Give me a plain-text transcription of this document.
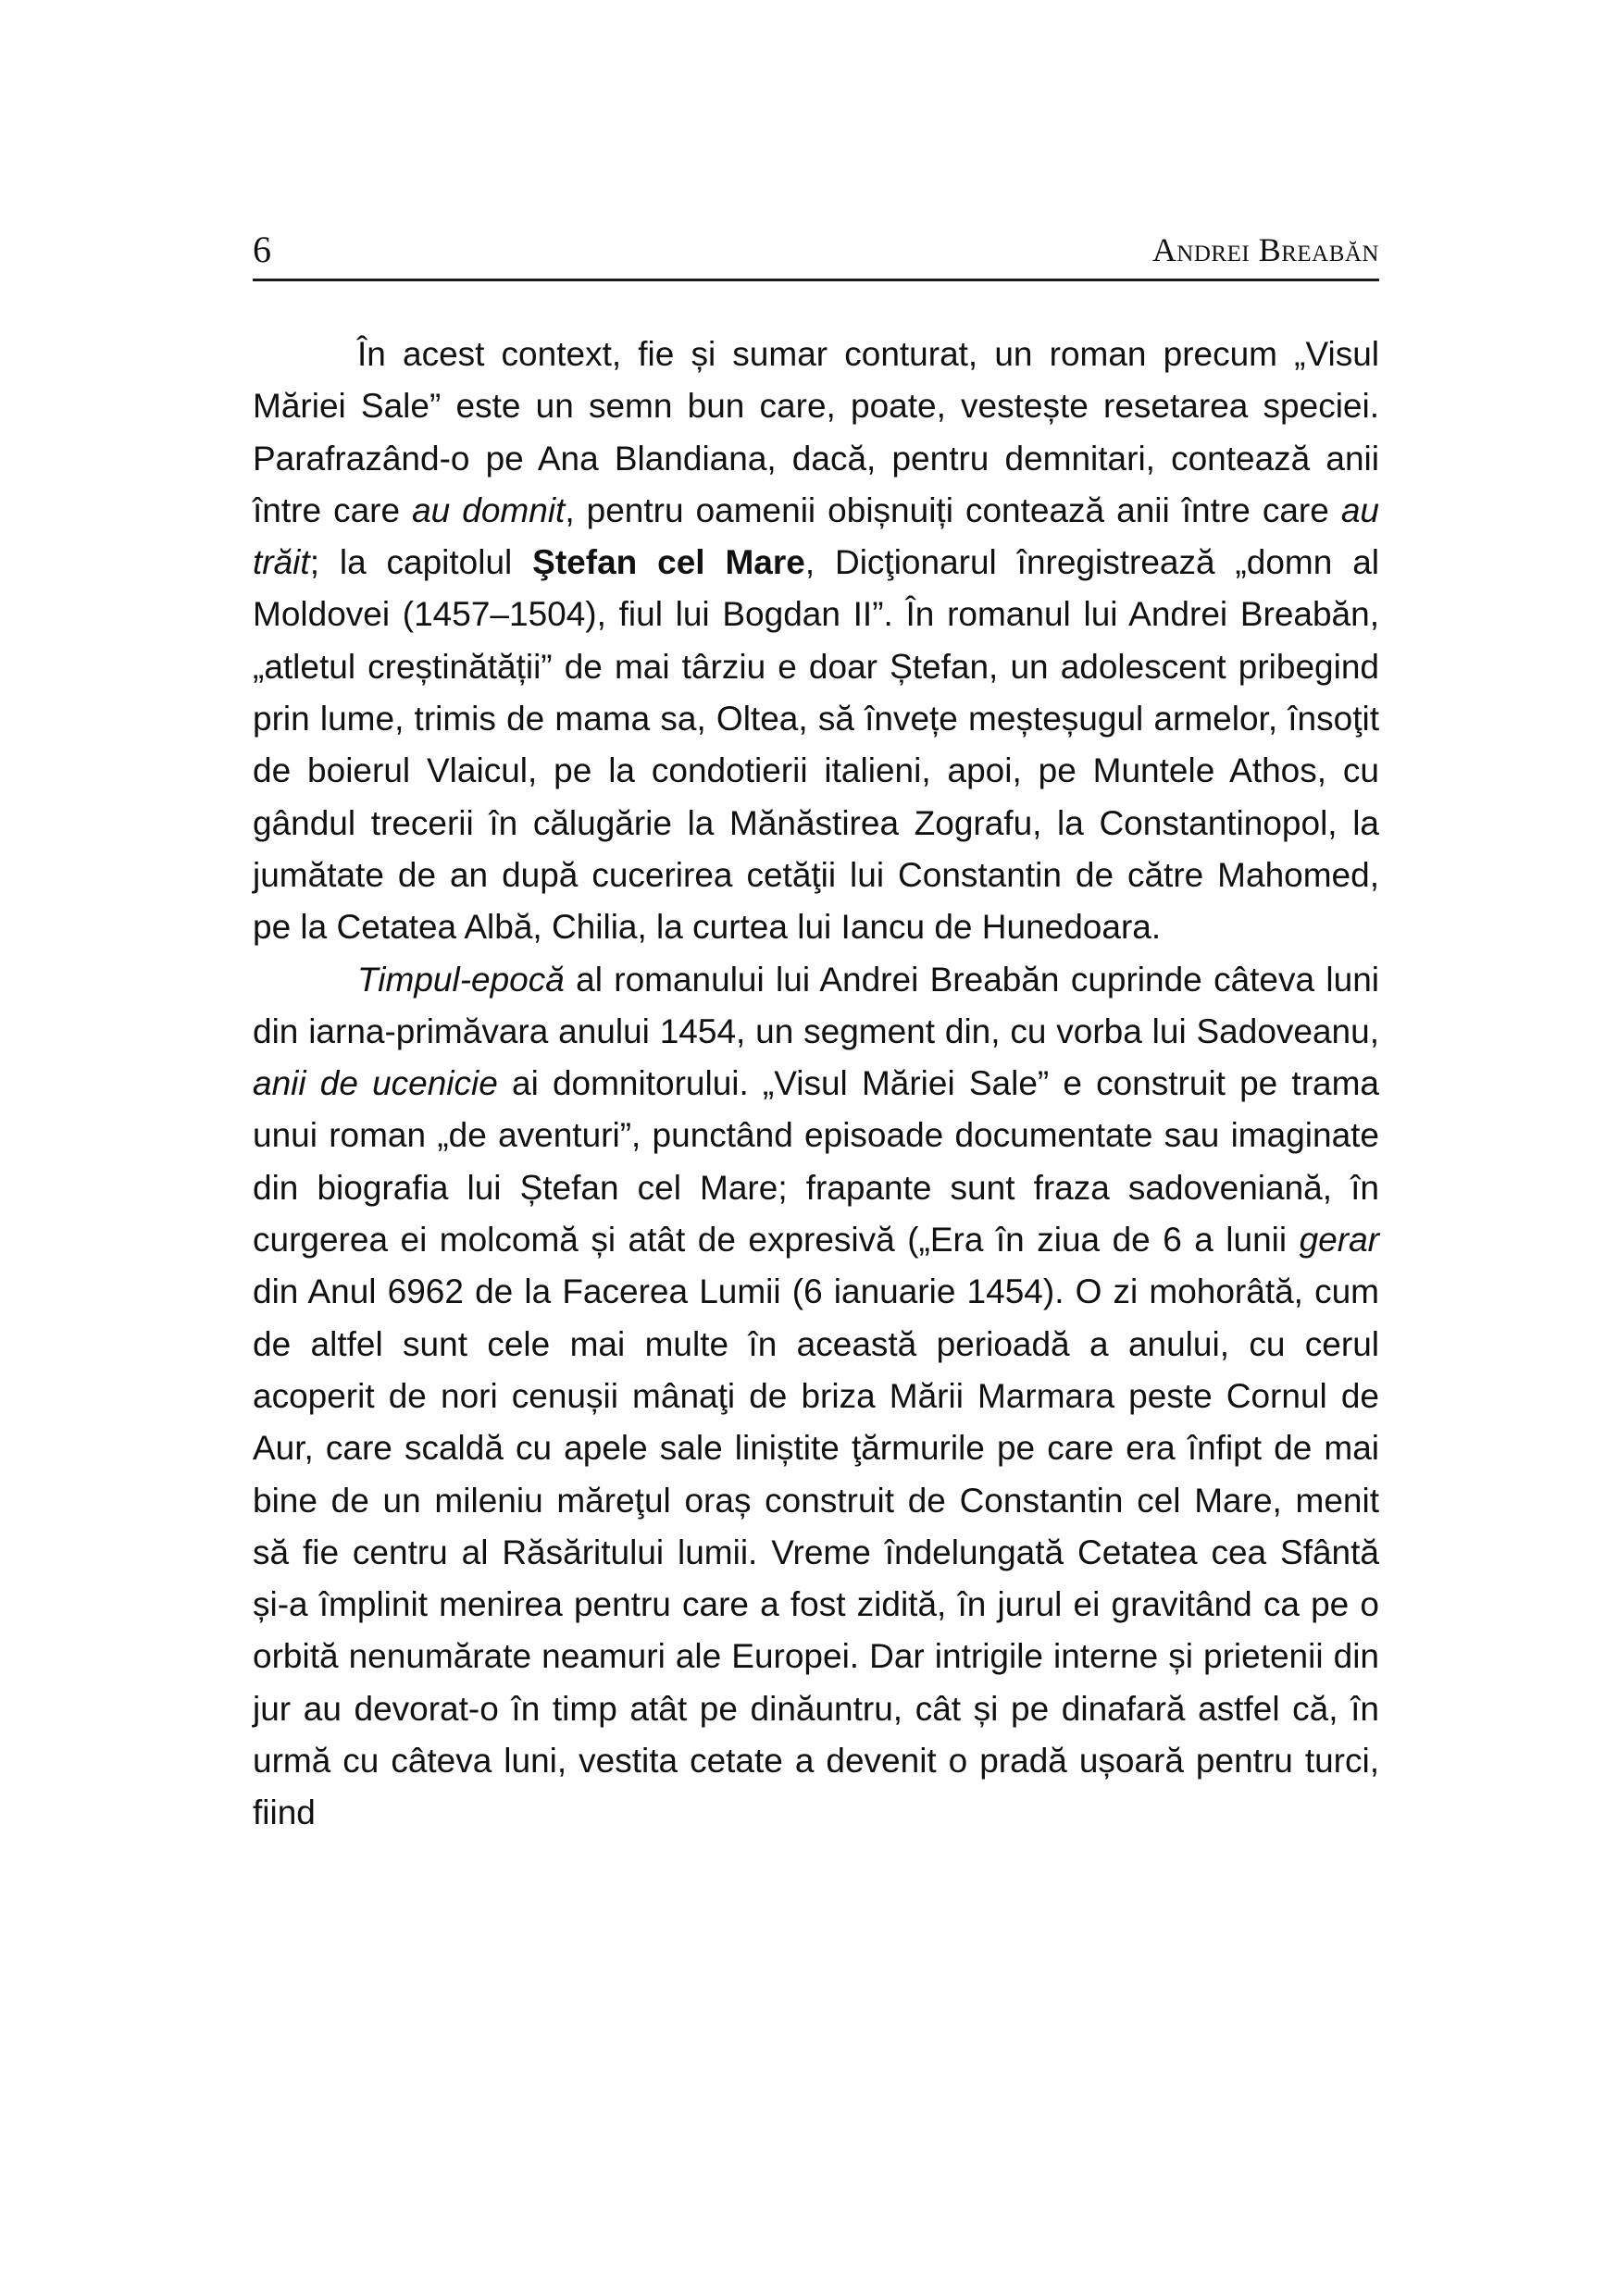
6	Andrei Breabăn

În acest context, fie și sumar conturat, un roman precum „Visul Măriei Sale” este un semn bun care, poate, vestește resetarea speciei. Parafrazând-o pe Ana Blandiana, dacă, pentru demnitari, contează anii între care au domnit, pentru oamenii obișnuiți contează anii între care au trăit; la capitolul Ştefan cel Mare, Dicţionarul înregistrează „domn al Moldovei (1457–1504), fiul lui Bogdan II”. În romanul lui Andrei Breabăn, „atletul creștinătății” de mai târziu e doar Ștefan, un adolescent pribegind prin lume, trimis de mama sa, Oltea, să învețe meșteșugul armelor, însoţit de boierul Vlaicul, pe la condotierii italieni, apoi, pe Muntele Athos, cu gândul trecerii în călugărie la Mănăstirea Zografu, la Constantinopol, la jumătate de an după cucerirea cetăţii lui Constantin de către Mahomed, pe la Cetatea Albă, Chilia, la curtea lui Iancu de Hunedoara.

Timpul-epocă al romanului lui Andrei Breabăn cuprinde câteva luni din iarna-primăvara anului 1454, un segment din, cu vorba lui Sadoveanu, anii de ucenicie ai domnitorului. „Visul Măriei Sale” e construit pe trama unui roman „de aventuri”, punctând episoade documentate sau imaginate din biografia lui Ștefan cel Mare; frapante sunt fraza sadoveniană, în curgerea ei molcomă și atât de expresivă („Era în ziua de 6 a lunii gerar din Anul 6962 de la Facerea Lumii (6 ianuarie 1454). O zi mohorâtă, cum de altfel sunt cele mai multe în această perioadă a anului, cu cerul acoperit de nori cenușii mânaţi de briza Mării Marmara peste Cornul de Aur, care scaldă cu apele sale liniștite ţărmurile pe care era înfipt de mai bine de un mileniu măreţul oraș construit de Constantin cel Mare, menit să fie centru al Răsăritului lumii. Vreme îndelungată Cetatea cea Sfântă și-a împlinit menirea pentru care a fost zidită, în jurul ei gravitând ca pe o orbită nenumărate neamuri ale Europei. Dar intrigile interne și prietenii din jur au devorat-o în timp atât pe dinăuntru, cât și pe dinafară astfel că, în urmă cu câteva luni, vestita cetate a devenit o pradă ușoară pentru turci, fiind
